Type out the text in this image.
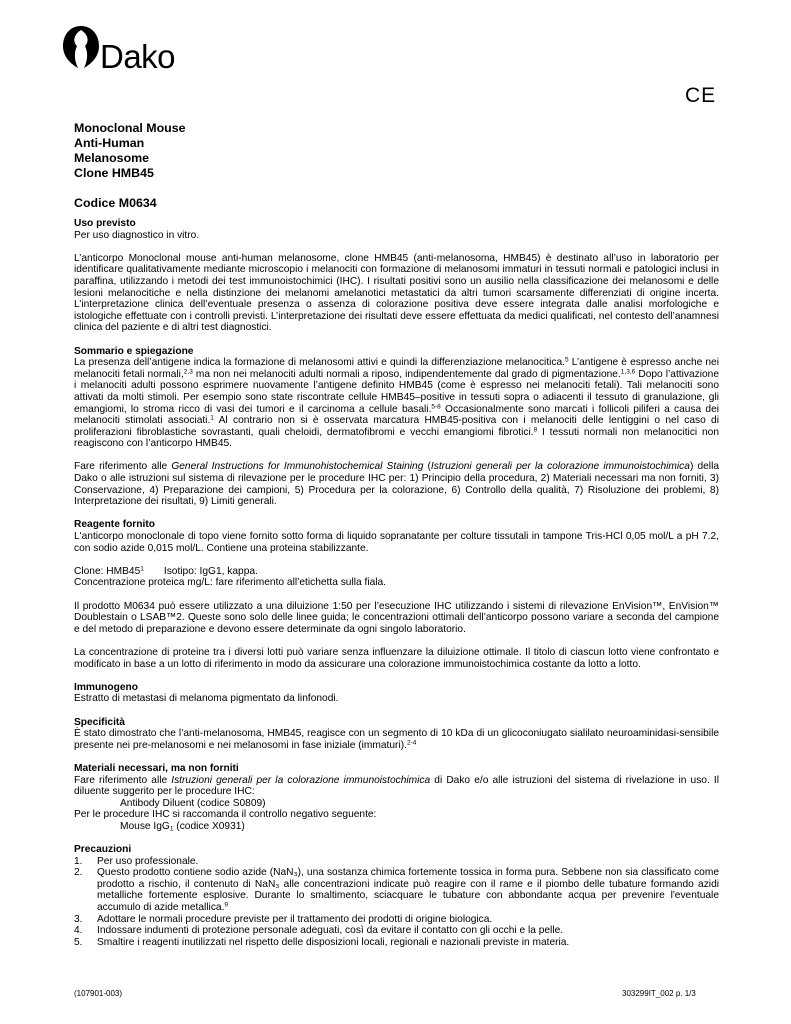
Dako
CE

Monoclonal Mouse

Anti-Human

Melanosome

Clone HMB45

Codice M0634

Uso previsto

Per uso diagnostico in vitro.

L’anticorpo Monoclonal mouse anti-human melanosome, clone HMB45 (anti-melanosoma, HMB45) è destinato all’uso in laboratorio per identificare qualitativamente mediante microscopio i melanociti con formazione di melanosomi immaturi in tessuti normali e patologici inclusi in paraffina, utilizzando i metodi dei test immunoistochimici (IHC). I risultati positivi sono un ausilio nella classificazione dei melanosomi e delle lesioni melanocitiche e nella distinzione dei melanomi amelanotici metastatici da altri tumori scarsamente differenziati di origine incerta. L’interpretazione clinica dell’eventuale presenza o assenza di colorazione positiva deve essere integrata dalle analisi morfologiche e istologiche effettuate con i controlli previsti. L’interpretazione dei risultati deve essere effettuata da medici qualificati, nel contesto dell’anamnesi clinica del paziente e di altri test diagnostici.

Sommario e spiegazione

La presenza dell’antigene indica la formazione di melanosomi attivi e quindi la differenziazione melanocitica.$^5$ L’antigene è espresso anche nei melanociti fetali normali,$^{2,3}$ ma non nei melanociti adulti normali a riposo, indipendentemente dal grado di pigmentazione.$^{1,3,6}$ Dopo l’attivazione i melanociti adulti possono esprimere nuovamente l’antigene definito HMB45 (come è espresso nei melanociti fetali). Tali melanociti sono attivati da molti stimoli. Per esempio sono state riscontrate cellule HMB45–positive in tessuti sopra o adiacenti il tessuto di granulazione, gli emangiomi, lo stroma ricco di vasi dei tumori e il carcinoma a cellule basali.$^{5-8}$ Occasionalmente sono marcati i follicoli piliferi a causa dei melanociti stimolati associati.$^1$ Al contrario non si è osservata marcatura HMB45-positiva con i melanociti delle lentiggini o nel caso di proliferazioni fibroblastiche sovrastanti, quali cheloidi, dermatofibromi e vecchi emangiomi fibrotici.$^8$ I tessuti normali non melanocitici non reagiscono con l’anticorpo HMB45.

Fare riferimento alle General Instructions for Immunohistochemical Staining (Istruzioni generali per la colorazione immunoistochimica) della Dako o alle istruzioni sul sistema di rilevazione per le procedure IHC per: 1) Principio della procedura, 2) Materiali necessari ma non forniti, 3) Conservazione, 4) Preparazione dei campioni, 5) Procedura per la colorazione, 6) Controllo della qualità, 7) Risoluzione dei problemi, 8) Interpretazione dei risultati, 9) Limiti generali.

Reagente fornito

L'anticorpo monoclonale di topo viene fornito sotto forma di liquido sopranatante per colture tissutali in tampone Tris-HCl 0,05 mol/L a pH 7.2, con sodio azide 0,015 mol/L. Contiene una proteina stabilizzante.

Clone: $HMB45^1$ Isotipo: IgG1, kappa.

Concentrazione proteica mg/L: fare riferimento all’etichetta sulla fiala.

Il prodotto M0634 può essere utilizzato a una diluizione 1:50 per l’esecuzione IHC utilizzando i sistemi di rilevazione EnVision™, EnVision™ Doublestain o LSAB™2. Queste sono solo delle linee guida; le concentrazioni ottimali dell’anticorpo possono variare a seconda del campione e del metodo di preparazione e devono essere determinate da ogni singolo laboratorio.

La concentrazione di proteine tra i diversi lotti può variare senza influenzare la diluizione ottimale. Il titolo di ciascun lotto viene confrontato e modificato in base a un lotto di riferimento in modo da assicurare una colorazione immunoistochimica costante da lotto a lotto.

Immunogeno

Estratto di metastasi di melanoma pigmentato da linfonodi.

Specificità

È stato dimostrato che l’anti-melanosoma, HMB45, reagisce con un segmento di 10 kDa di un glicoconiugato sialilato neuroaminidasi-sensibile presente nei pre-melanosomi e nei melanosomi in fase iniziale (immaturi).$^{2-4}$

Materiali necessari, ma non forniti

Fare riferimento alle Istruzioni generali per la colorazione immunoistochimica di Dako e/o alle istruzioni del sistema di rivelazione in uso. Il diluente suggerito per le procedure IHC:

Antibody Diluent (codice S0809)

Per le procedure IHC si raccomanda il controllo negativo seguente:

Mouse IgG$_1$ (codice X0931)

Precauzioni

1. Per uso professionale.
2. Questo prodotto contiene sodio azide (NaN₃), una sostanza chimica fortemente tossica in forma pura. Sebbene non sia classificato come prodotto a rischio, il contenuto di NaN₃ alle concentrazioni indicate può reagire con il rame e il piombo delle tubature formando azidi metalliche fortemente esplosive. Durante lo smaltimento, sciacquare le tubature con abbondante acqua per prevenire l'eventuale accumulo di azide metallica.$^9$
3. Adottare le normali procedure previste per il trattamento dei prodotti di origine biologica.
4. Indossare indumenti di protezione personale adeguati, così da evitare il contatto con gli occhi e la pelle.
5. Smaltire i reagenti inutilizzati nel rispetto delle disposizioni locali, regionali e nazionali previste in materia.
(107901-003)	303299IT_002 p. 1/3
